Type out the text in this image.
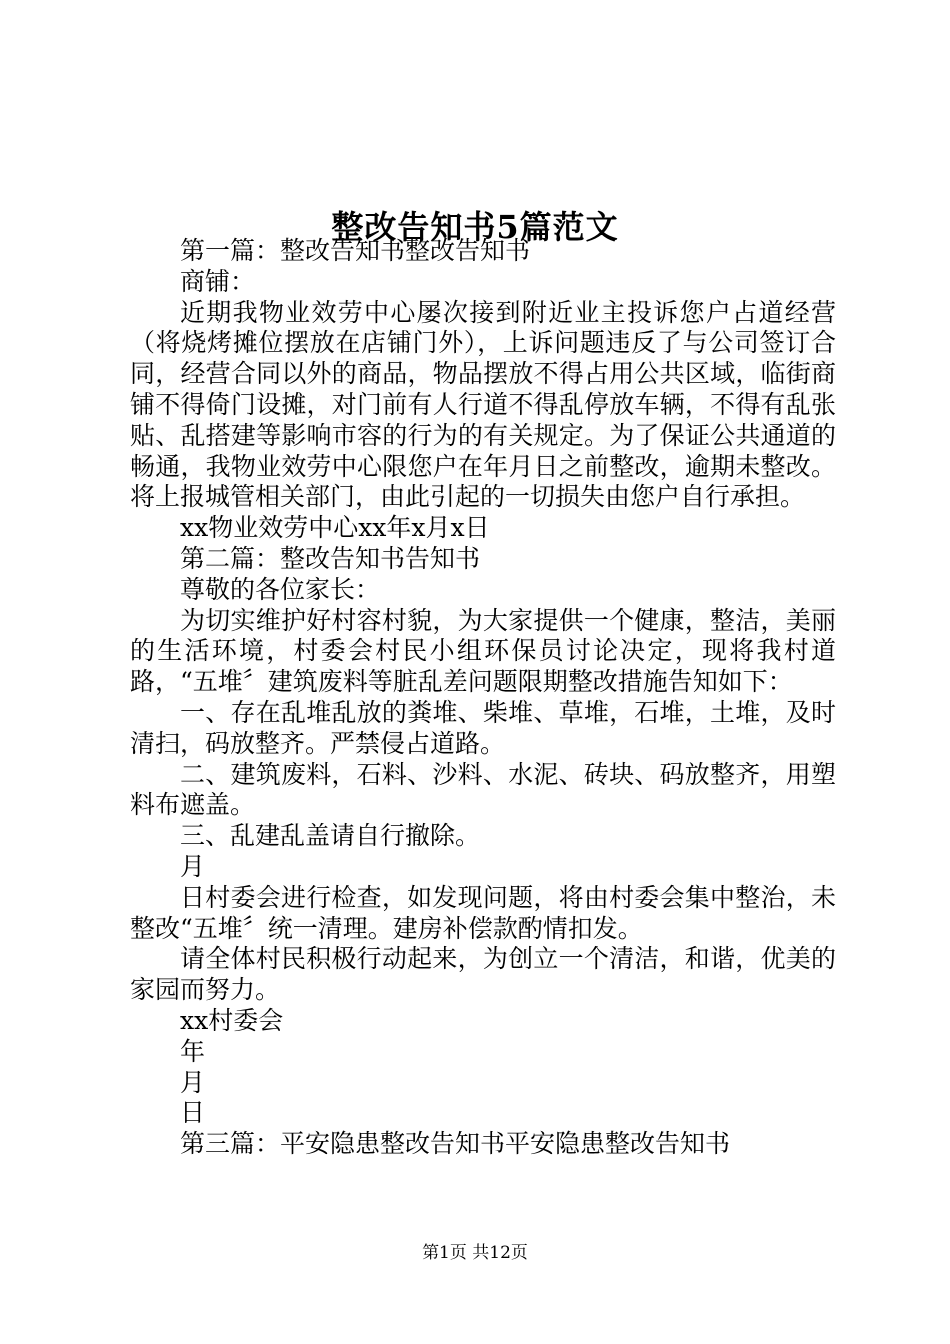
整改告知书5篇范文

第一篇：整改告知书整改告知书

商铺：

近期我物业效劳中心屡次接到附近业主投诉您户占道经营（将烧烤摊位摆放在店铺门外），上诉问题违反了与公司签订合同，经营合同以外的商品，物品摆放不得占用公共区域，临街商铺不得倚门设摊，对门前有人行道不得乱停放车辆，不得有乱张贴、乱搭建等影响市容的行为的有关规定。为了保证公共通道的畅通，我物业效劳中心限您户在年月日之前整改，逾期未整改。将上报城管相关部门，由此引起的一切损失由您户自行承担。

xx物业效劳中心xx年x月x日

第二篇：整改告知书告知书

尊敬的各位家长：

为切实维护好村容村貌，为大家提供一个健康，整洁，美丽的生活环境，村委会村民小组环保员讨论决定，现将我村道路，“五堆〞建筑废料等脏乱差问题限期整改措施告知如下：

一、存在乱堆乱放的粪堆、柴堆、草堆，石堆，土堆，及时清扫，码放整齐。严禁侵占道路。

二、建筑废料，石料、沙料、水泥、砖块、码放整齐，用塑料布遮盖。

三、乱建乱盖请自行撤除。

月

日村委会进行检查，如发现问题，将由村委会集中整治，未整改“五堆〞统一清理。建房补偿款酌情扣发。

请全体村民积极行动起来，为创立一个清洁，和谐，优美的家园而努力。

xx村委会

年

月

日

第三篇：平安隐患整改告知书平安隐患整改告知书

第1页 共12页
